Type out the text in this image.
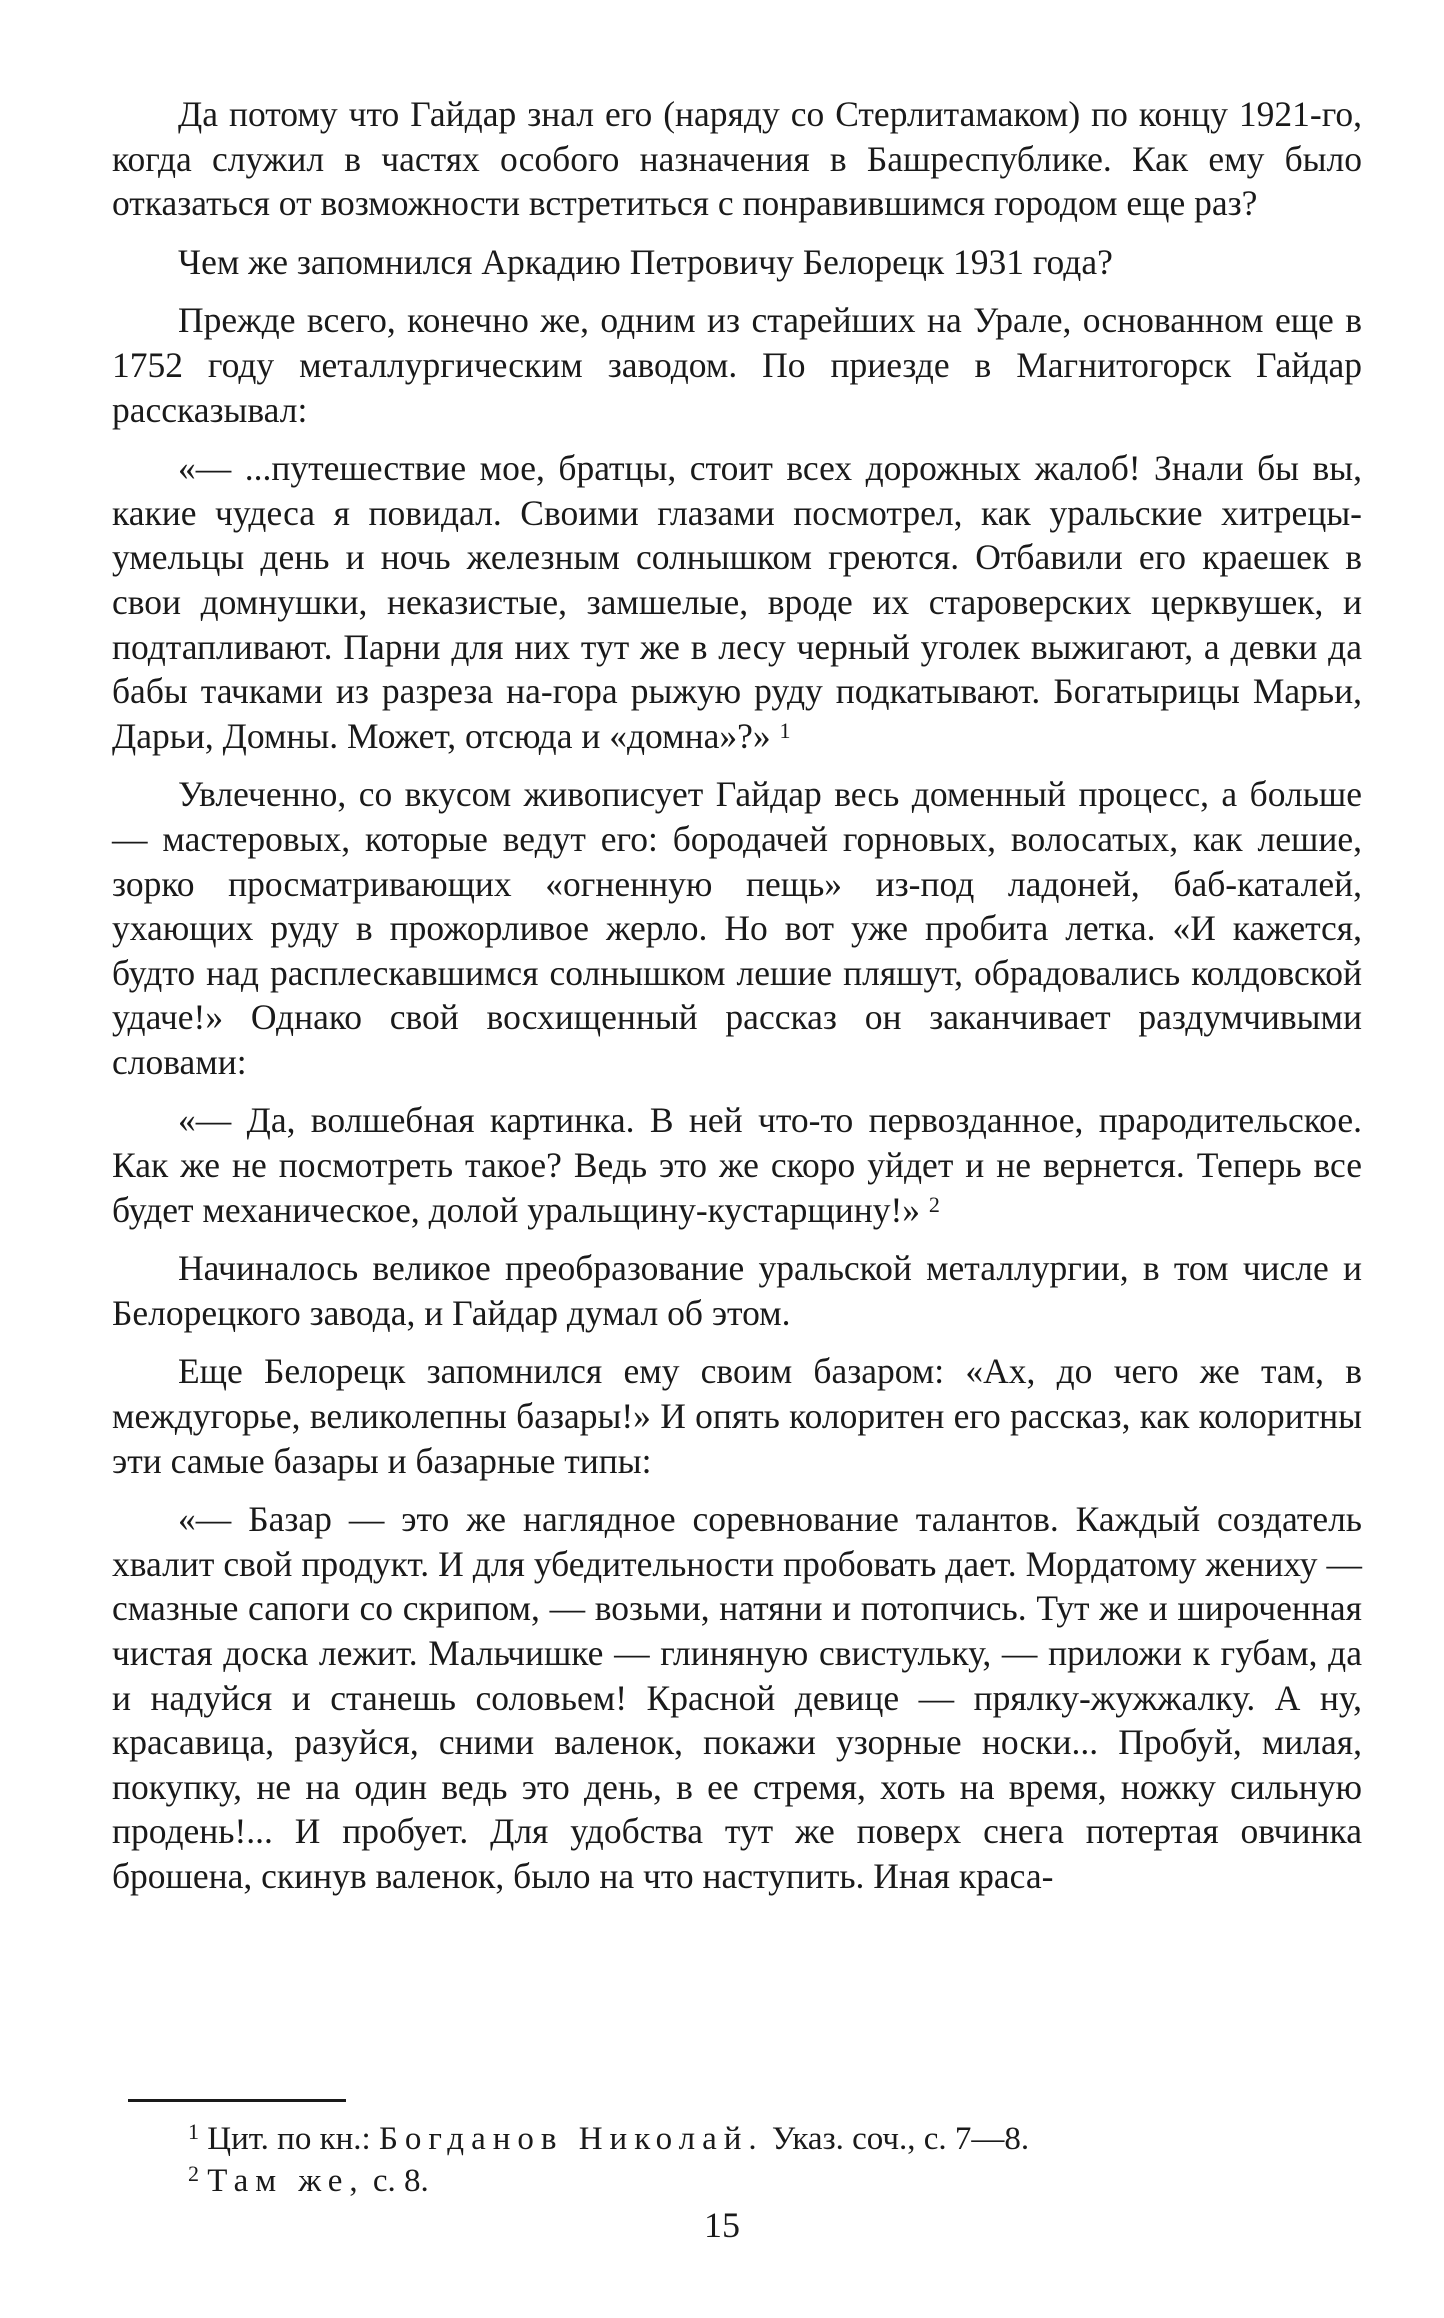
Да потому что Гайдар знал его (наряду со Стерлитамаком) по концу 1921-го, когда служил в частях особого назначения в Башреспублике. Как ему было отказаться от возможности встретиться с понравившимся городом еще раз?

Чем же запомнился Аркадию Петровичу Белорецк 1931 года?

Прежде всего, конечно же, одним из старейших на Урале, основанном еще в 1752 году металлургическим заводом. По приезде в Магнитогорск Гайдар рассказывал:

«— ...путешествие мое, братцы, стоит всех дорожных жалоб! Знали бы вы, какие чудеса я повидал. Своими глазами посмотрел, как уральские хитрецы-умельцы день и ночь железным солнышком греются. Отбавили его краешек в свои домнушки, неказистые, замшелые, вроде их староверских церквушек, и подтапливают. Парни для них тут же в лесу черный уголек выжигают, а девки да бабы тачками из разреза на-гора рыжую руду подкатывают. Богатырицы Марьи, Дарьи, Домны. Может, отсюда и «домна»?» $^1$

Увлеченно, со вкусом живописует Гайдар весь доменный процесс, а больше — мастеровых, которые ведут его: бородачей горновых, волосатых, как лешие, зорко просматривающих «огненную пещь» из-под ладоней, баб-каталей, ухающих руду в прожорливое жерло. Но вот уже пробита летка. «И кажется, будто над расплескавшимся солнышком лешие пляшут, обрадовались колдовской удаче!» Однако свой восхищенный рассказ он заканчивает раздумчивыми словами:

«— Да, волшебная картинка. В ней что-то первозданное, прародительское. Как же не посмотреть такое? Ведь это же скоро уйдет и не вернется. Теперь все будет механическое, долой уральщину-кустарщину!» $^2$

Начиналось великое преобразование уральской металлургии, в том числе и Белорецкого завода, и Гайдар думал об этом.

Еще Белорецк запомнился ему своим базаром: «Ах, до чего же там, в междугорье, великолепны базары!» И опять колоритен его рассказ, как колоритны эти самые базары и базарные типы:

«— Базар — это же наглядное соревнование талантов. Каждый создатель хвалит свой продукт. И для убедительности пробовать дает. Мордатому жениху — смазные сапоги со скрипом, — возьми, натяни и потопчись. Тут же и широченная чистая доска лежит. Мальчишке — глиняную свистульку, — приложи к губам, да и надуйся и станешь соловьем! Красной девице — прялку-жужжалку. А ну, красавица, разуйся, сними валенок, покажи узорные носки... Пробуй, милая, покупку, не на один ведь это день, в ее стремя, хоть на время, ножку сильную продень!... И пробует. Для удобства тут же поверх снега потертая овчинка брошена, скинув валенок, было на что наступить. Иная краса-

$^1$ Цит. по кн.: Богданов Николай. Указ. соч., с. 7—8.

$^2$ Там же, с. 8.

15
